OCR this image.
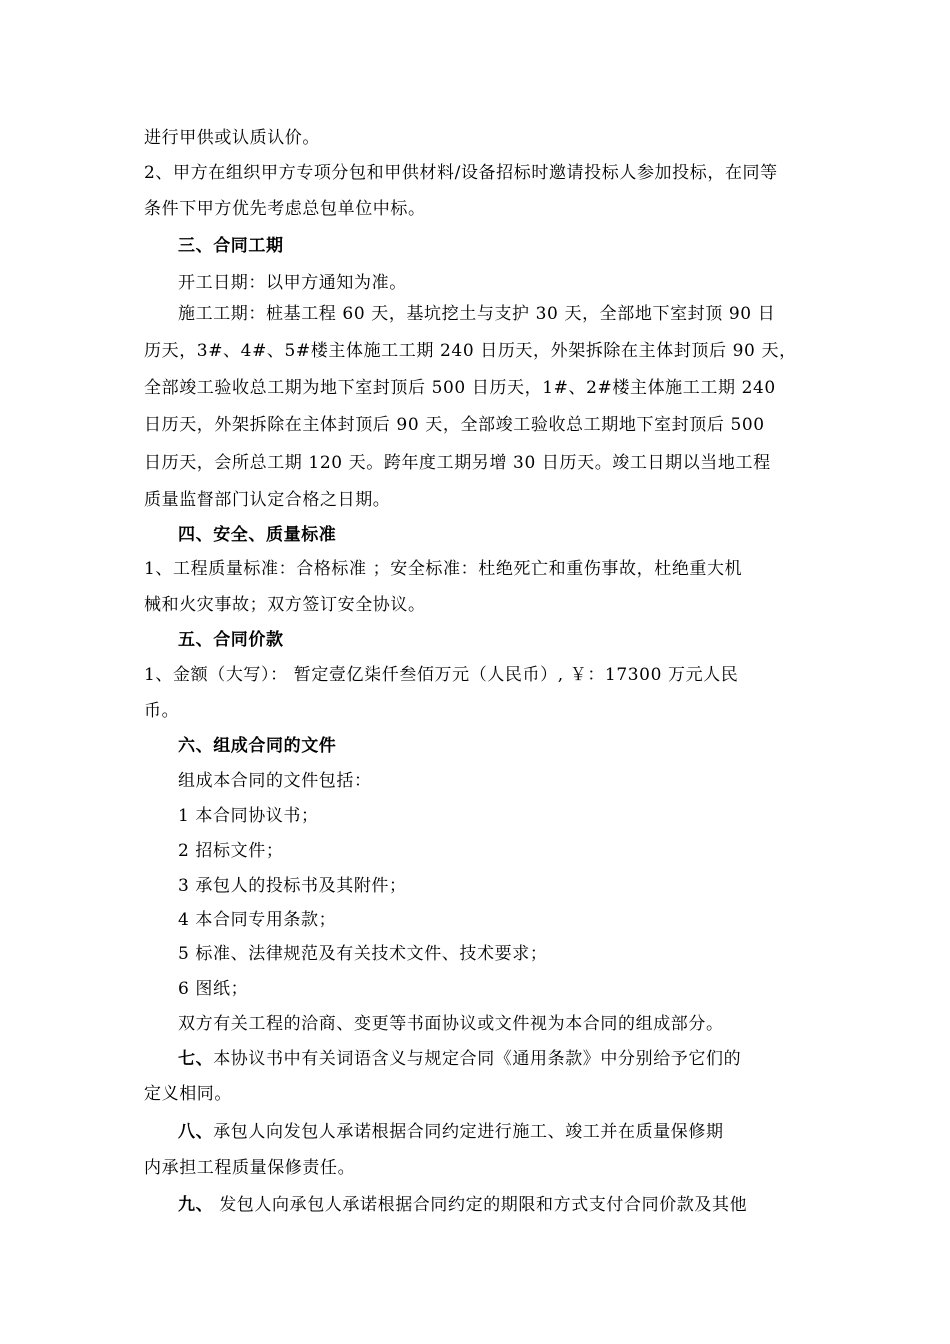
进行甲供或认质认价。
2、甲方在组织甲方专项分包和甲供材料/设备招标时邀请投标人参加投标，在同等
条件下甲方优先考虑总包单位中标。
三、合同工期
开工日期：以甲方通知为准。
施工工期：桩基工程 60 天，基坑挖土与支护 30 天，全部地下室封顶 90 日
历天，3#、4#、5#楼主体施工工期 240 日历天，外架拆除在主体封顶后 90 天，
全部竣工验收总工期为地下室封顶后 500 日历天，1#、2#楼主体施工工期 240
日历天，外架拆除在主体封顶后 90 天，全部竣工验收总工期地下室封顶后 500
日历天，会所总工期 120 天。跨年度工期另增 30 日历天。竣工日期以当地工程
质量监督部门认定合格之日期。
四、安全、质量标准
1、工程质量标准：合格标准 ；安全标准：杜绝死亡和重伤事故，杜绝重大机
械和火灾事故；双方签订安全协议。
五、合同价款
1、金额（大写）： 暂定壹亿柒仟叁佰万元（人民币）, ￥：17300 万元人民
币。
六、组成合同的文件
组成本合同的文件包括：
1 本合同协议书；
2 招标文件；
3 承包人的投标书及其附件；
4 本合同专用条款；
5 标准、法律规范及有关技术文件、技术要求；
6 图纸；
双方有关工程的洽商、变更等书面协议或文件视为本合同的组成部分。
七、本协议书中有关词语含义与规定合同《通用条款》中分别给予它们的
定义相同。
八、承包人向发包人承诺根据合同约定进行施工、竣工并在质量保修期
内承担工程质量保修责任。
九、 发包人向承包人承诺根据合同约定的期限和方式支付合同价款及其他
